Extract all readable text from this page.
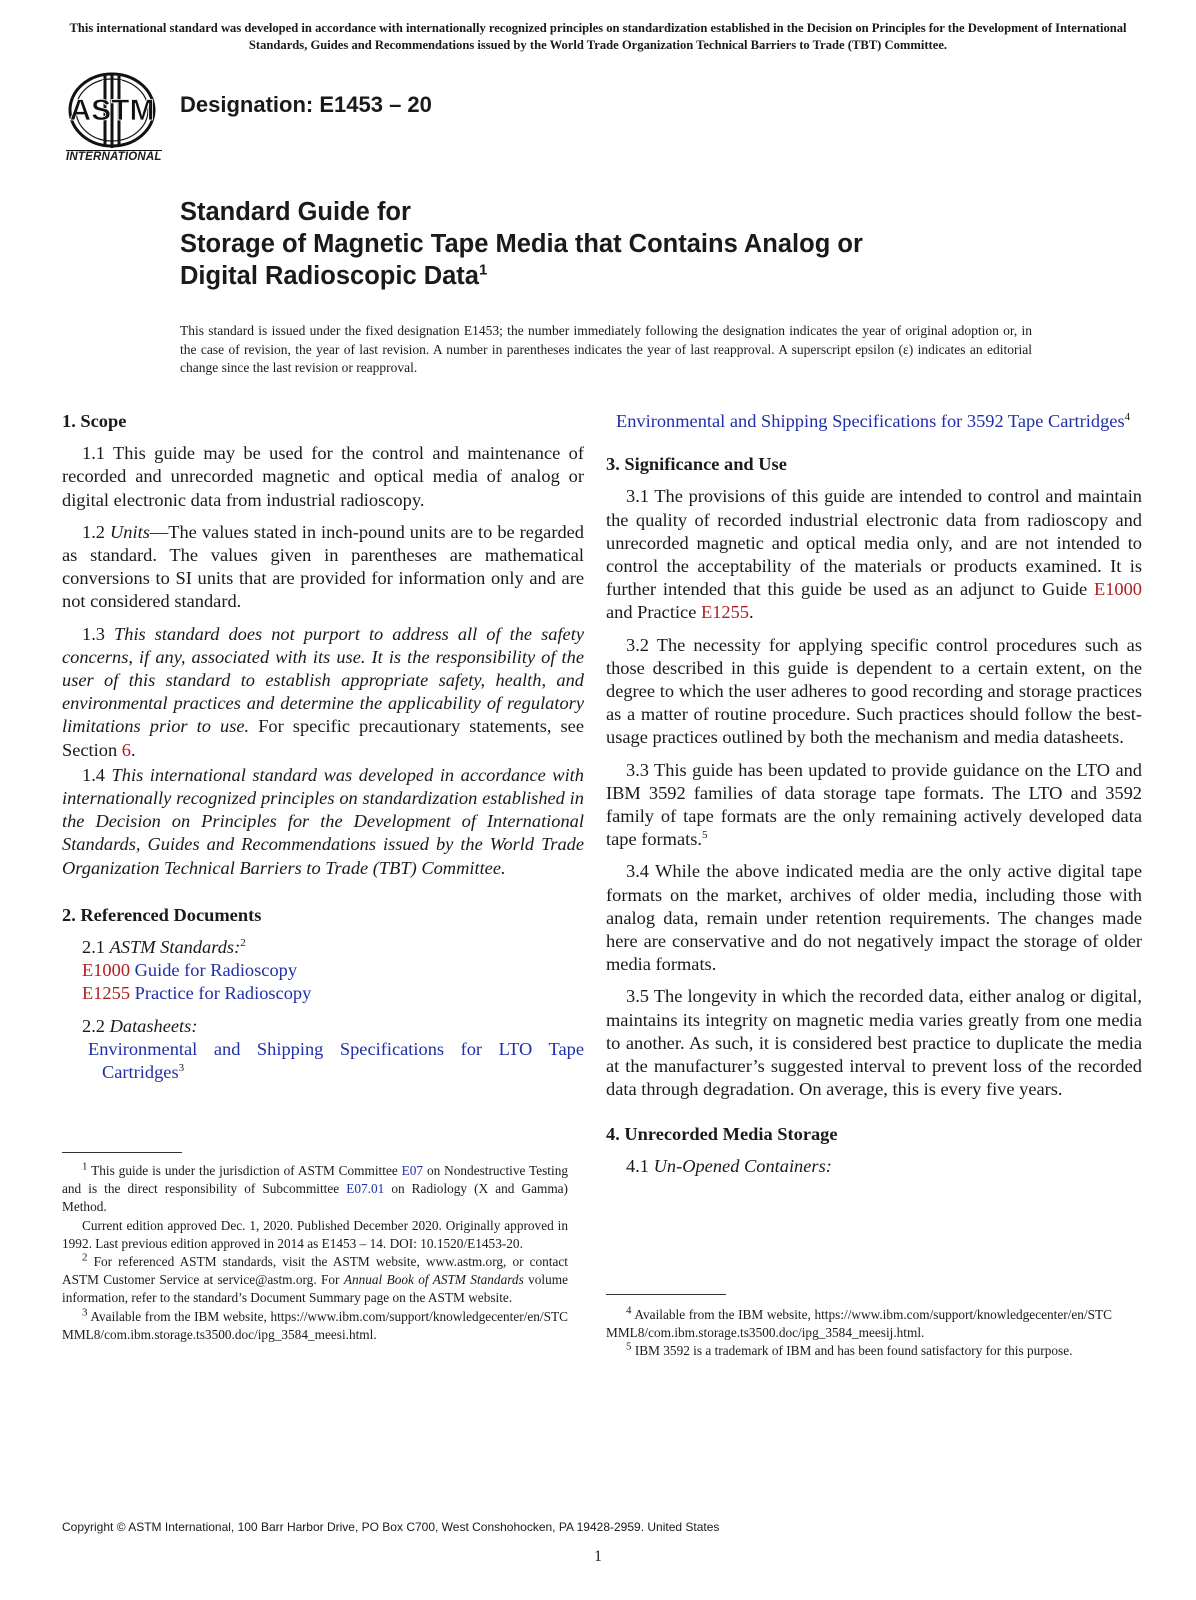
This international standard was developed in accordance with internationally recognized principles on standardization established in the Decision on Principles for the Development of International Standards, Guides and Recommendations issued by the World Trade Organization Technical Barriers to Trade (TBT) Committee.
ASTM
INTERNATIONAL
Designation: E1453 – 20
Standard Guide for
Storage of Magnetic Tape Media that Contains Analog or
Digital Radioscopic Data$^1$
This standard is issued under the fixed designation E1453; the number immediately following the designation indicates the year of original adoption or, in the case of revision, the year of last revision. A number in parentheses indicates the year of last reapproval. A superscript epsilon (ε) indicates an editorial change since the last revision or reapproval.
1. Scope

1.1 This guide may be used for the control and maintenance of recorded and unrecorded magnetic and optical media of analog or digital electronic data from industrial radioscopy.

1.2 Units—The values stated in inch-pound units are to be regarded as standard. The values given in parentheses are mathematical conversions to SI units that are provided for information only and are not considered standard.

1.3 This standard does not purport to address all of the safety concerns, if any, associated with its use. It is the responsibility of the user of this standard to establish appropriate safety, health, and environmental practices and determine the applicability of regulatory limitations prior to use. For specific precautionary statements, see Section 6.

1.4 This international standard was developed in accordance with internationally recognized principles on standardization established in the Decision on Principles for the Development of International Standards, Guides and Recommendations issued by the World Trade Organization Technical Barriers to Trade (TBT) Committee.

2. Referenced Documents

2.1 ASTM Standards:$^2$

E1000 Guide for Radioscopy

E1255 Practice for Radioscopy

2.2 Datasheets:

Environmental and Shipping Specifications for LTO Tape Cartridges$^3$

$^1$ This guide is under the jurisdiction of ASTM Committee E07 on Nondestructive Testing and is the direct responsibility of Subcommittee E07.01 on Radiology (X and Gamma) Method.

Current edition approved Dec. 1, 2020. Published December 2020. Originally approved in 1992. Last previous edition approved in 2014 as E1453 – 14. DOI: 10.1520/E1453-20.

$^2$ For referenced ASTM standards, visit the ASTM website, www.astm.org, or contact ASTM Customer Service at service@astm.org. For Annual Book of ASTM Standards volume information, refer to the standard’s Document Summary page on the ASTM website.

$^3$ Available from the IBM website, https://www.ibm.com/support/knowledgecenter/en/STCMML8/com.ibm.storage.ts3500.doc/ipg_3584_meesi.html.

Environmental and Shipping Specifications for 3592 Tape Cartridges$^4$

3. Significance and Use

3.1 The provisions of this guide are intended to control and maintain the quality of recorded industrial electronic data from radioscopy and unrecorded magnetic and optical media only, and are not intended to control the acceptability of the materials or products examined. It is further intended that this guide be used as an adjunct to Guide E1000 and Practice E1255.

3.2 The necessity for applying specific control procedures such as those described in this guide is dependent to a certain extent, on the degree to which the user adheres to good recording and storage practices as a matter of routine procedure. Such practices should follow the best-usage practices outlined by both the mechanism and media datasheets.

3.3 This guide has been updated to provide guidance on the LTO and IBM 3592 families of data storage tape formats. The LTO and 3592 family of tape formats are the only remaining actively developed data tape formats.$^5$

3.4 While the above indicated media are the only active digital tape formats on the market, archives of older media, including those with analog data, remain under retention requirements. The changes made here are conservative and do not negatively impact the storage of older media formats.

3.5 The longevity in which the recorded data, either analog or digital, maintains its integrity on magnetic media varies greatly from one media to another. As such, it is considered best practice to duplicate the media at the manufacturer’s suggested interval to prevent loss of the recorded data through degradation. On average, this is every five years.

4. Unrecorded Media Storage

4.1 Un-Opened Containers:

$^4$ Available from the IBM website, https://www.ibm.com/support/knowledgecenter/en/STCMML8/com.ibm.storage.ts3500.doc/ipg_3584_meesij.html.

$^5$ IBM 3592 is a trademark of IBM and has been found satisfactory for this purpose.

Copyright © ASTM International, 100 Barr Harbor Drive, PO Box C700, West Conshohocken, PA 19428-2959. United States
1
